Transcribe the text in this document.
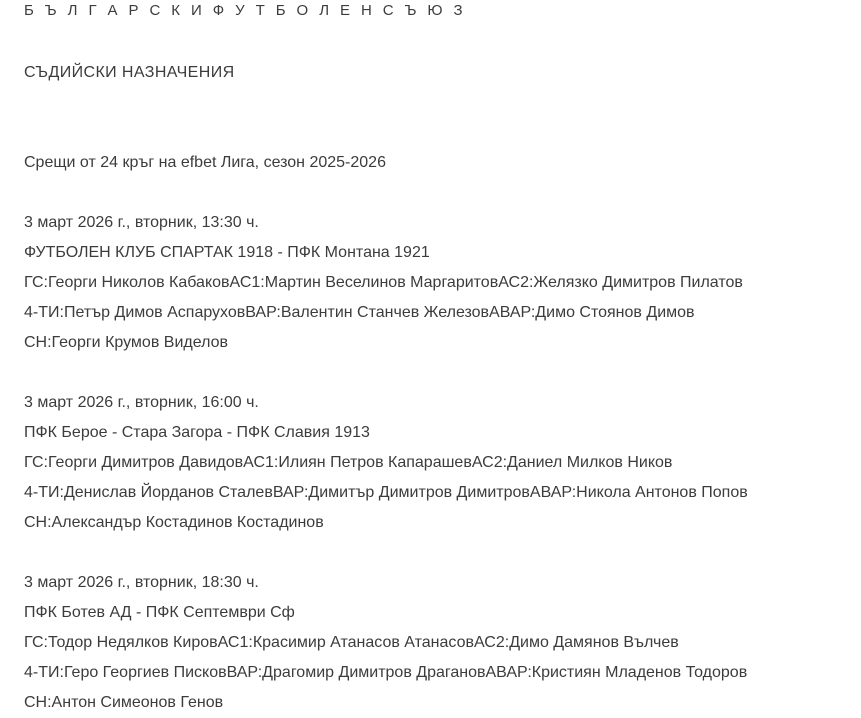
Б Ъ Л Г А Р С К И Ф У Т Б О Л Е Н С Ъ Ю З
СЪДИЙСКИ НАЗНАЧЕНИЯ
Срещи от 24 кръг на efbet Лига, сезон 2025-2026
3 март 2026 г., вторник, 13:30 ч.
ФУТБОЛЕН КЛУБ СПАРТАК 1918 - ПФК Монтана 1921
ГС:Георги Николов КабаковАС1:Мартин Веселинов МаргаритовАС2:Желязко Димитров Пилатов
4-ТИ:Петър Димов АспаруховВАР:Валентин Станчев ЖелезовАВАР:Димо Стоянов Димов
СН:Георги Крумов Виделов
3 март 2026 г., вторник, 16:00 ч.
ПФК Берое - Стара Загора - ПФК Славия 1913
ГС:Георги Димитров ДавидовАС1:Илиян Петров КапарашевАС2:Даниел Милков Ников
4-ТИ:Денислав Йорданов СталевВАР:Димитър Димитров ДимитровАВАР:Никола Антонов Попов
СН:Александър Костадинов Костадинов
3 март 2026 г., вторник, 18:30 ч.
ПФК Ботев АД - ПФК Септември Сф
ГС:Тодор Недялков КировАС1:Красимир Атанасов АтанасовАС2:Димо Дамянов Вълчев
4-ТИ:Геро Георгиев ПисковВАР:Драгомир Димитров ДрагановАВАР:Кристиян Младенов Тодоров
СН:Антон Симеонов Генов
